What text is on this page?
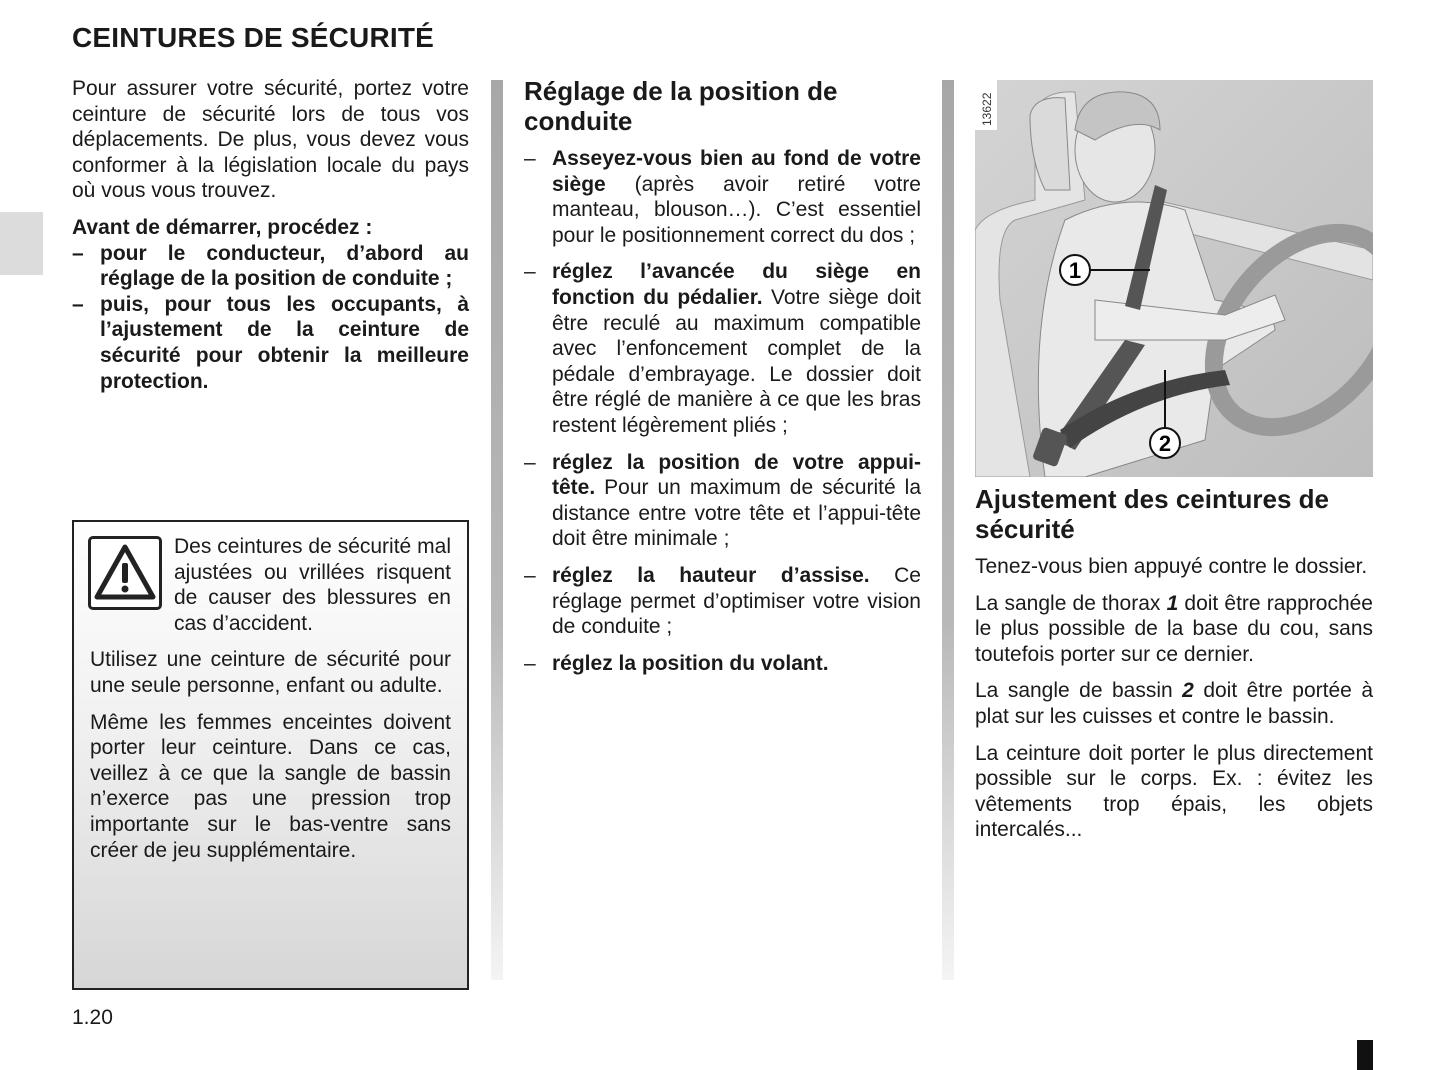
CEINTURES DE SÉCURITÉ

Pour assurer votre sécurité, portez votre ceinture de sécurité lors de tous vos déplacements. De plus, vous devez vous conformer à la législation locale du pays où vous vous trouvez.

Avant de démarrer, procédez :

– pour le conducteur, d’abord au réglage de la position de conduite ;
– puis, pour tous les occupants, à l’ajustement de la ceinture de sécurité pour obtenir la meilleure protection.

Des ceintures de sécurité mal ajustées ou vrillées risquent de causer des blessures en cas d’accident.

Utilisez une ceinture de sécurité pour une seule personne, enfant ou adulte.

Même les femmes enceintes doivent porter leur ceinture. Dans ce cas, veillez à ce que la sangle de bassin n’exerce pas une pression trop importante sur le bas-ventre sans créer de jeu supplémentaire.

Réglage de la position de conduite
– Asseyez-vous bien au fond de votre siège (après avoir retiré votre manteau, blouson…). C’est essentiel pour le positionnement correct du dos ;
– réglez l’avancée du siège en fonction du pédalier. Votre siège doit être reculé au maximum compatible avec l’enfoncement complet de la pédale d’embrayage. Le dossier doit être réglé de manière à ce que les bras restent légèrement pliés ;
– réglez la position de votre appui-tête. Pour un maximum de sécurité la distance entre votre tête et l’appui-tête doit être minimale ;
– réglez la hauteur d’assise. Ce réglage permet d’optimiser votre vision de conduite ;
– réglez la position du volant.
13622
1
2
Ajustement des ceintures de sécurité

Tenez-vous bien appuyé contre le dossier.

La sangle de thorax 1 doit être rapprochée le plus possible de la base du cou, sans toutefois porter sur ce dernier.

La sangle de bassin 2 doit être portée à plat sur les cuisses et contre le bassin.

La ceinture doit porter le plus directement possible sur le corps. Ex. : évitez les vêtements trop épais, les objets intercalés...

1.20
